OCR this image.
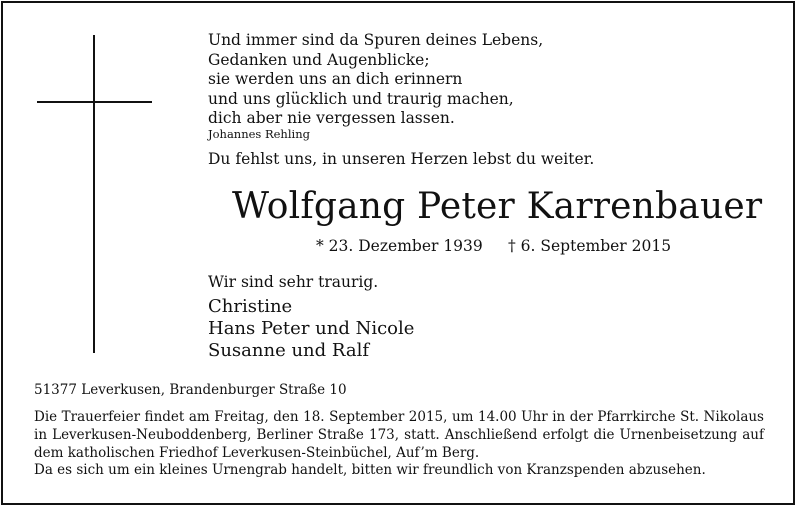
Und immer sind da Spuren deines Lebens,
Gedanken und Augenblicke;
sie werden uns an dich erinnern
und uns glücklich und traurig machen,
dich aber nie vergessen lassen.
Johannes Rehling
Du fehlst uns, in unseren Herzen lebst du weiter.
Wolfgang Peter Karrenbauer
* 23. Dezember 1939 † 6. September 2015
Wir sind sehr traurig.
Christine
Hans Peter und Nicole
Susanne und Ralf
51377 Leverkusen, Brandenburger Straße 10

Die Trauerfeier findet am Freitag, den 18. September 2015, um 14.00 Uhr in der Pfarrkirche St. Nikolaus in Leverkusen-Neuboddenberg, Berliner Straße 173, statt. Anschließend erfolgt die Urnenbeisetzung auf dem katholischen Friedhof Leverkusen-Steinbüchel, Auf’m Berg.

Da es sich um ein kleines Urnengrab handelt, bitten wir freundlich von Kranzspenden abzusehen.
